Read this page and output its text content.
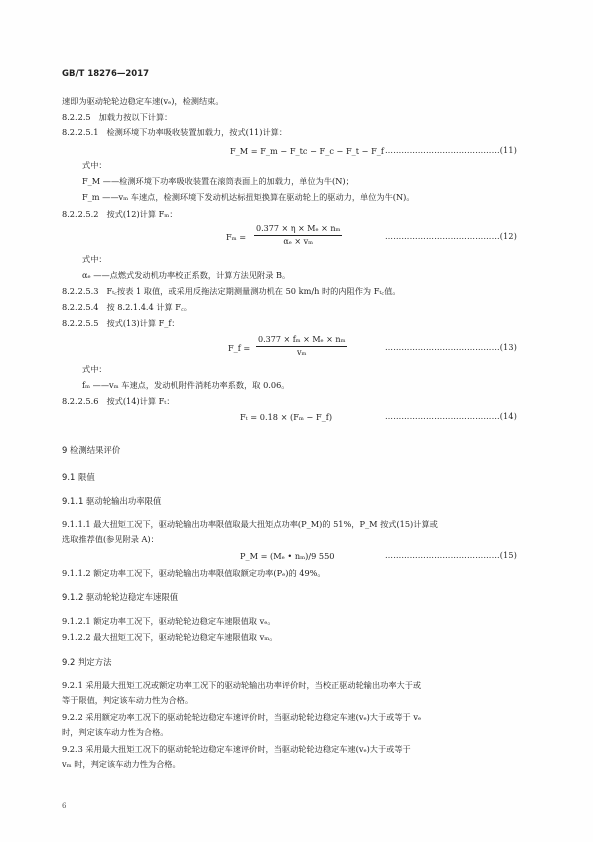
GB/T 18276—2017
速即为驱动轮轮边稳定车速(vₑ)，检测结束。
8.2.2.5 加载力按以下计算：
8.2.2.5.1 检测环境下功率吸收装置加载力，按式(11)计算：
F_M = F_m − F_tc − F_c − F_t − F_f ……………………………………(11)
式中：
F_M ——检测环境下功率吸收装置在滚筒表面上的加载力，单位为牛(N)；
F_m ——vₘ 车速点，检测环境下发动机达标扭矩换算在驱动轮上的驱动力，单位为牛(N)。
8.2.2.5.2 按式(12)计算 Fₘ：
$F_m = \frac{\text{0.377 × η × Mₑ × nₘ}}{\text{αₑ × vₘ}}$	……………………………………(12)
式中：
αₑ ——点燃式发动机功率校正系数，计算方法见附录 B。
8.2.2.5.3 Fₜ꜀按表 1 取值，或采用反拖法定期测量测功机在 50 km/h 时的内阻作为 Fₜ꜀值。
8.2.2.5.4 按 8.2.1.4.4 计算 F꜀。
8.2.2.5.5 按式(13)计算 F_f：
F_f = $\frac{\text{0.377 × fₘ × Mₑ × nₘ}}{\text{vₘ}}$	……………………………………(13)
式中：
fₘ ——vₘ 车速点，发动机附件消耗功率系数，取 0.06。
8.2.2.5.6 按式(14)计算 Fₜ：
Fₜ = 0.18 × (Fₘ − F_f)	……………………………………(14)
9 检测结果评价
9.1 限值
9.1.1 驱动轮输出功率限值
9.1.1.1 最大扭矩工况下，驱动轮输出功率限值取最大扭矩点功率(P_M)的 51%，P_M 按式(15)计算或
选取推荐值(参见附录 A)：
P_M = (Mₑ • nₘ)/9 550	……………………………………(15)
9.1.1.2 额定功率工况下，驱动轮输出功率限值取额定功率(Pₑ)的 49%。
9.1.2 驱动轮轮边稳定车速限值
9.1.2.1 额定功率工况下，驱动轮轮边稳定车速限值取 vₑ。
9.1.2.2 最大扭矩工况下，驱动轮轮边稳定车速限值取 vₘ。
9.2 判定方法
9.2.1 采用最大扭矩工况或额定功率工况下的驱动轮输出功率评价时，当校正驱动轮输出功率大于或
等于限值，判定该车动力性为合格。
9.2.2 采用额定功率工况下的驱动轮轮边稳定车速评价时，当驱动轮轮边稳定车速(vₑ)大于或等于 vₑ
时，判定该车动力性为合格。
9.2.3 采用最大扭矩工况下的驱动轮轮边稳定车速评价时，当驱动轮轮边稳定车速(vₑ)大于或等于
vₘ 时，判定该车动力性为合格。
6
